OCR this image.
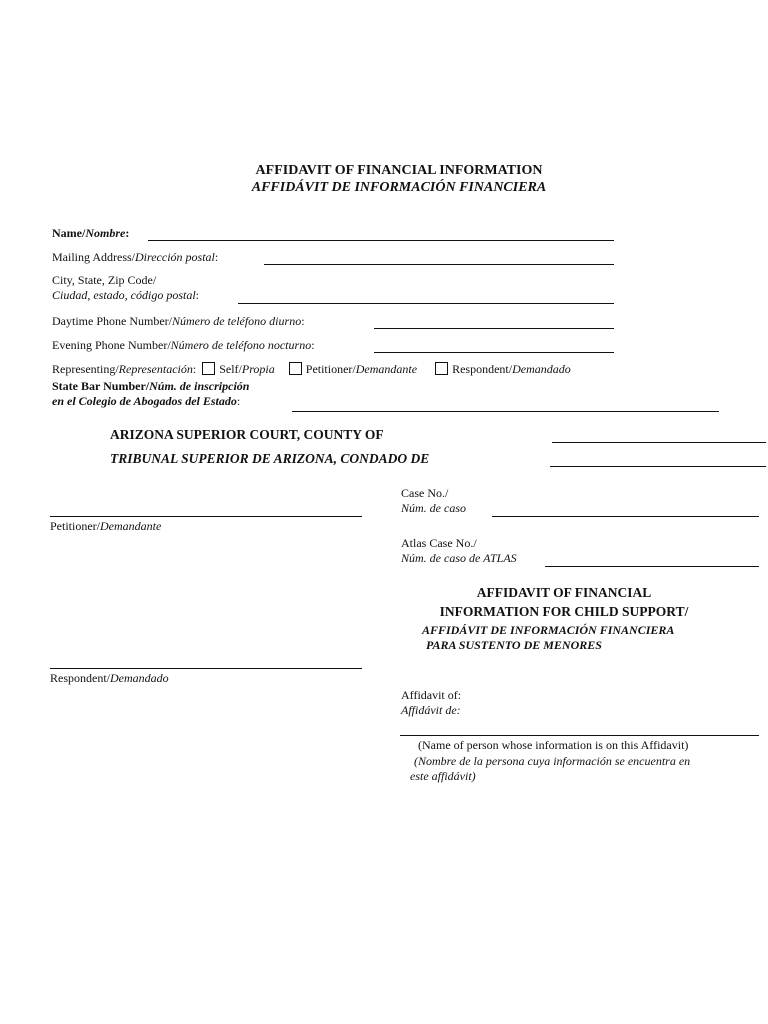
AFFIDAVIT OF FINANCIAL INFORMATION
AFFIDÁVIT DE INFORMACIÓN FINANCIERA
Name/Nombre:
Mailing Address/Dirección postal:
City, State, Zip Code/
Ciudad, estado, código postal:
Daytime Phone Number/Número de teléfono diurno:
Evening Phone Number/Número de teléfono nocturno:
Representing/Representación: Self/Propia	Petitioner/Demandante	Respondent/Demandado
State Bar Number/Núm. de inscripción
en el Colegio de Abogados del Estado:
ARIZONA SUPERIOR COURT, COUNTY OF
TRIBUNAL SUPERIOR DE ARIZONA, CONDADO DE
Petitioner/Demandante
Case No./
Núm. de caso
Atlas Case No./
Núm. de caso de ATLAS
AFFIDAVIT OF FINANCIAL
INFORMATION FOR CHILD SUPPORT/
AFFIDÁVIT DE INFORMACIÓN FINANCIERA
PARA SUSTENTO DE MENORES
Respondent/Demandado
Affidavit of:
Affidávit de:
(Name of person whose information is on this Affidavit)
(Nombre de la persona cuya información se encuentra en
este affidávit)
